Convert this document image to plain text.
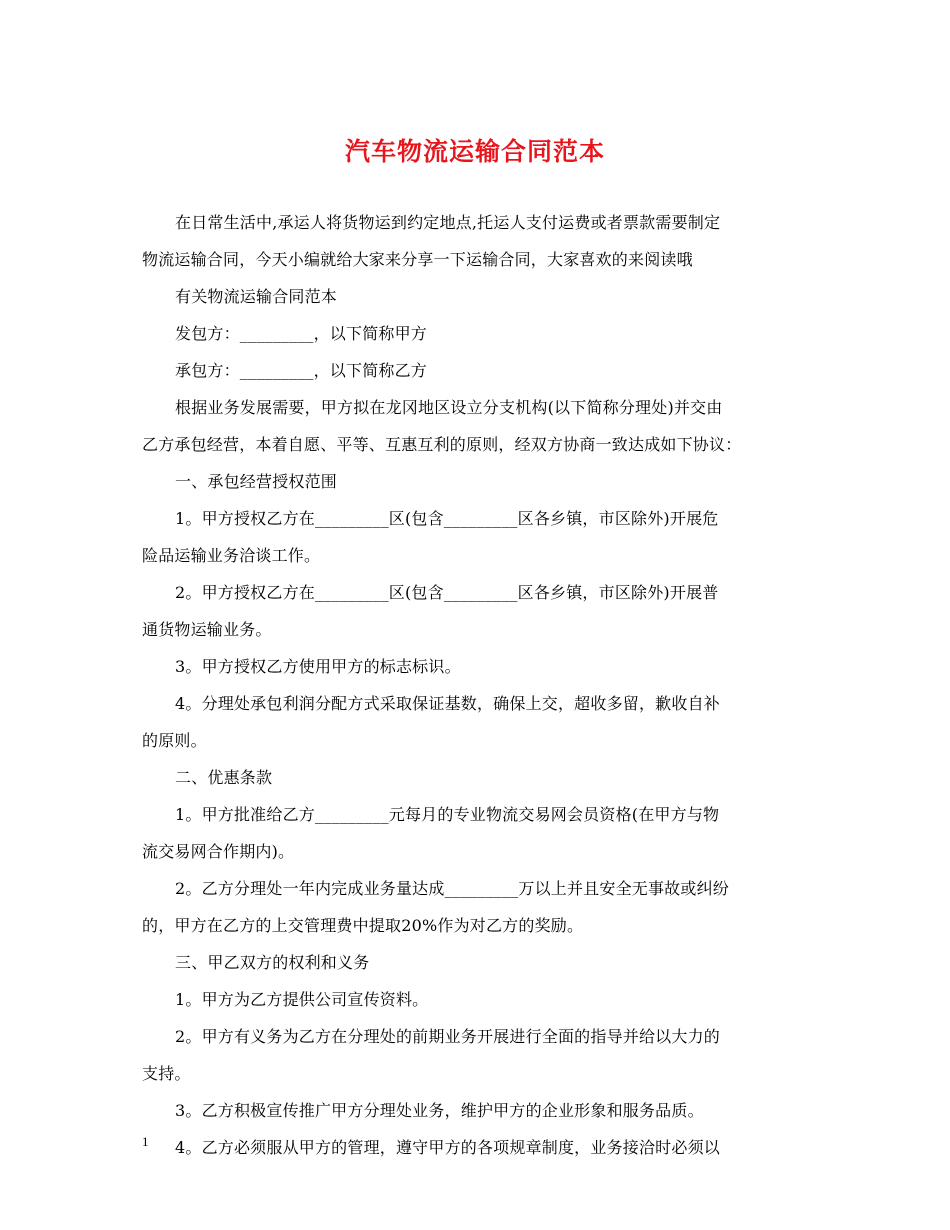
汽车物流运输合同范本
在日常生活中,承运人将货物运到约定地点,托运人支付运费或者票款需要制定
物流运输合同，今天小编就给大家来分享一下运输合同，大家喜欢的来阅读哦
有关物流运输合同范本
发包方：_________，以下简称甲方
承包方：_________，以下简称乙方
根据业务发展需要，甲方拟在龙冈地区设立分支机构(以下简称分理处)并交由
乙方承包经营，本着自愿、平等、互惠互利的原则，经双方协商一致达成如下协议：
一、承包经营授权范围
1。甲方授权乙方在_________区(包含_________区各乡镇，市区除外)开展危
险品运输业务洽谈工作。
2。甲方授权乙方在_________区(包含_________区各乡镇，市区除外)开展普
通货物运输业务。
3。甲方授权乙方使用甲方的标志标识。
4。分理处承包利润分配方式采取保证基数，确保上交，超收多留，歉收自补
的原则。
二、优惠条款
1。甲方批准给乙方_________元每月的专业物流交易网会员资格(在甲方与物
流交易网合作期内)。
2。乙方分理处一年内完成业务量达成_________万以上并且安全无事故或纠纷
的，甲方在乙方的上交管理费中提取20%作为对乙方的奖励。
三、甲乙双方的权利和义务
1。甲方为乙方提供公司宣传资料。
2。甲方有义务为乙方在分理处的前期业务开展进行全面的指导并给以大力的
支持。
3。乙方积极宣传推广甲方分理处业务，维护甲方的企业形象和服务品质。
4。乙方必须服从甲方的管理，遵守甲方的各项规章制度，业务接洽时必须以
1
